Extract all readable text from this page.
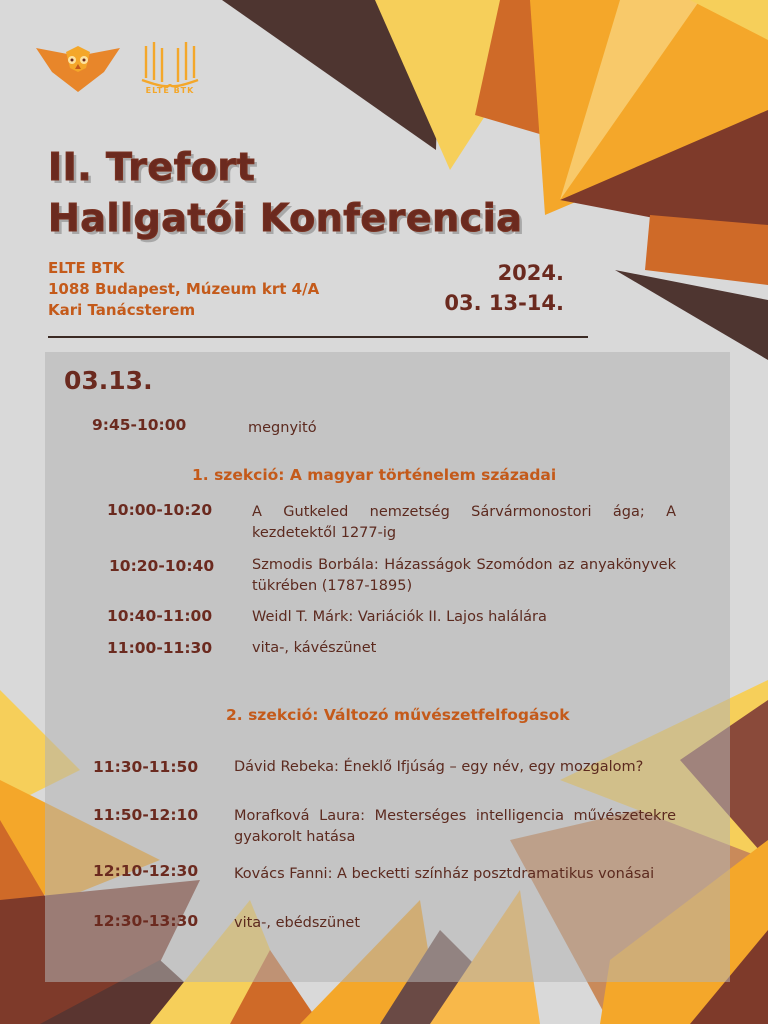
ELTE BTK
II. Trefort
Hallgatói Konferencia
ELTE BTK
1088 Budapest, Múzeum krt 4/A
Kari Tanácsterem
2024.
03. 13-14.
03.13.
9:45-10:00	megnyitó
1. szekció: A magyar történelem századai
10:00-10:20	A Gutkeled nemzetség Sárvármonostori ága; A kezdetektől 1277-ig
10:20-10:40	Szmodis Borbála: Házasságok Szomódon az anyakönyvek tükrében (1787-1895)
10:40-11:00	Weidl T. Márk: Variációk II. Lajos halálára
11:00-11:30	vita-, kávészünet
2. szekció: Változó művészetfelfogások
11:30-11:50 Dávid Rebeka: Éneklő Ifjúság – egy név, egy mozgalom?
11:50-12:10 Morafková Laura: Mesterséges intelligencia művészetekre gyakorolt hatása
12:10-12:30 Kovács Fanni: A becketti színház posztdramatikus vonásai
12:30-13:30 vita-, ebédszünet
